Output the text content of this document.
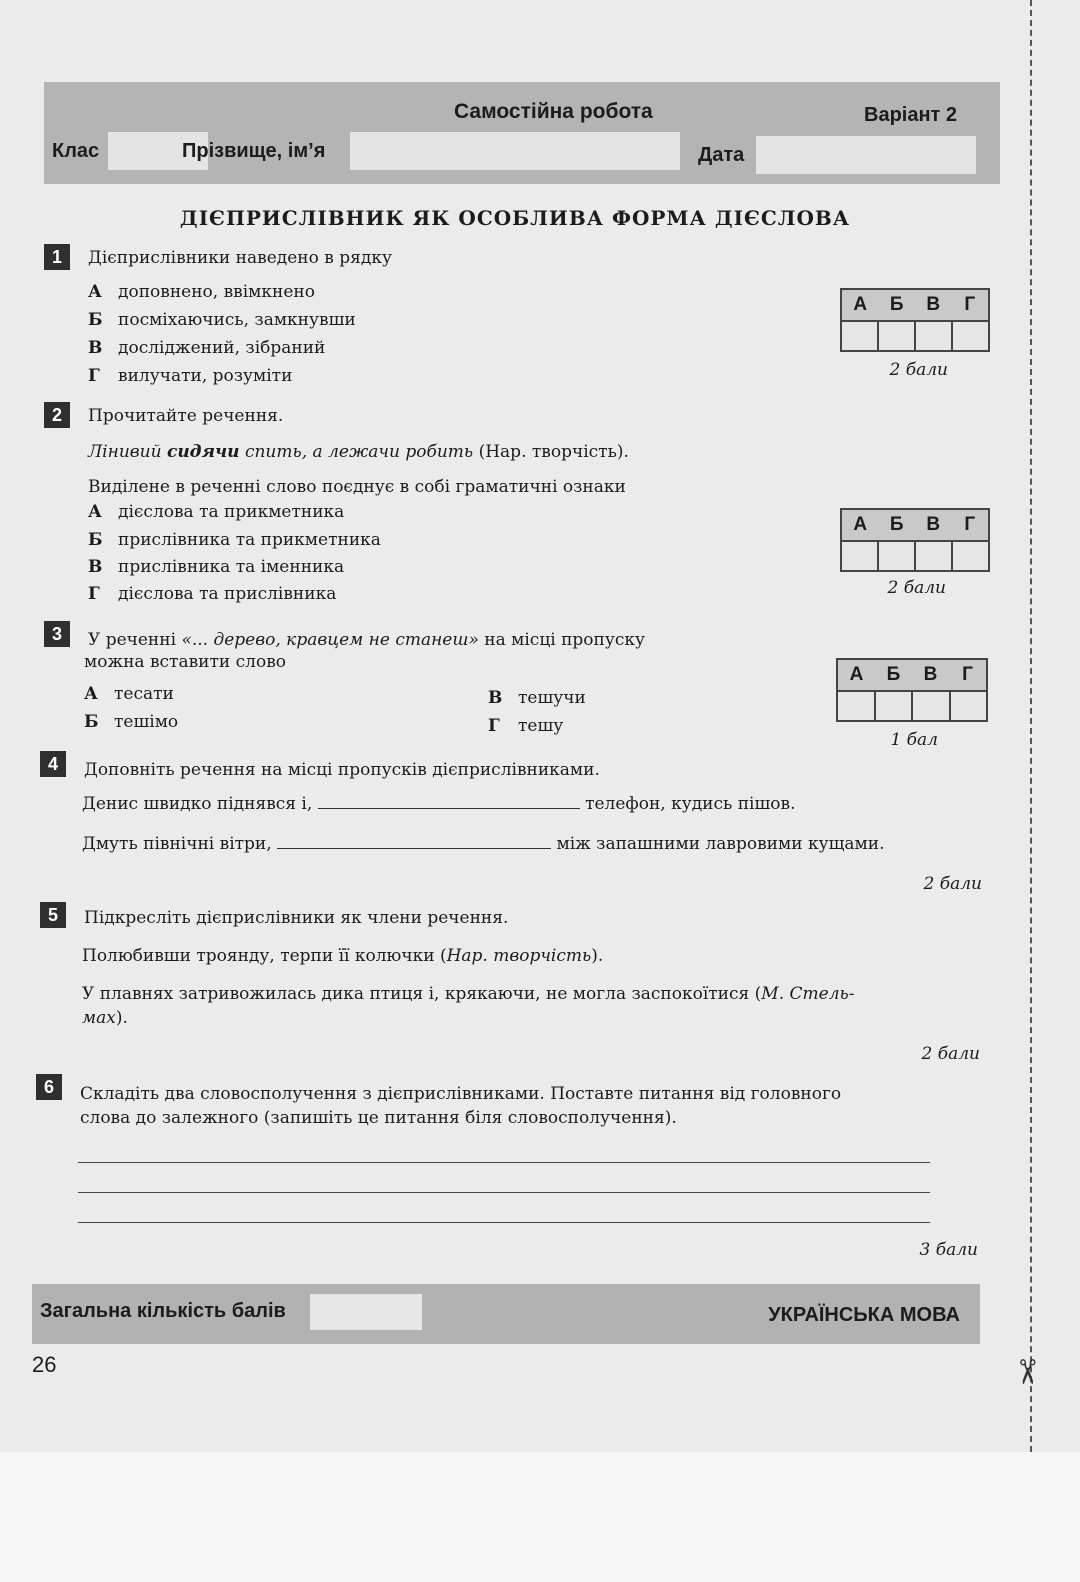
Самостійна робота	Варіант 2
Клас	Прізвище, ім’я	Дата
ДІЄПРИСЛІВНИК ЯК ОСОБЛИВА ФОРМА ДІЄСЛОВА
1	Дієприслівники наведено в рядку
А доповнено, ввімкнено
Б посміхаючись, замкнувши
В досліджений, зібраний
Г вилучати, розуміти
А	Б	В	Г
2 бали
2	Прочитайте речення.
Лінивий сидячи спить, а лежачи робить (Нар. творчість).
Виділене в реченні слово поєднує в собі граматичні ознаки
А дієслова та прикметника
Б прислівника та прикметника
В прислівника та іменника
Г дієслова та прислівника
А	Б	В	Г
2 бали
3	У реченні «... дерево, кравцем не станеш» на місці пропуску
можна вставити слово
А тесати
Б тешімо
В тешучи
Г тешу
А	Б	В	Г
1 бал
4	Доповніть речення на місці пропусків дієприслівниками.
Денис швидко піднявся і,	телефон, кудись пішов.
Дмуть північні вітри,	між запашними лавровими кущами.
2 бали
5	Підкресліть дієприслівники як члени речення.
Полюбивши троянду, терпи її колючки (Нар. творчість).
У плавнях затривожилась дика птиця і, крякаючи, не могла заспокоїтися (М. Стель-
мах).
2 бали
6	Складіть два словосполучення з дієприслівниками. Поставте питання від головного
слова до залежного (запишіть це питання біля словосполучення).
3 бали
Загальна кількість балів	УКРАЇНСЬКА МОВА
26	✂
